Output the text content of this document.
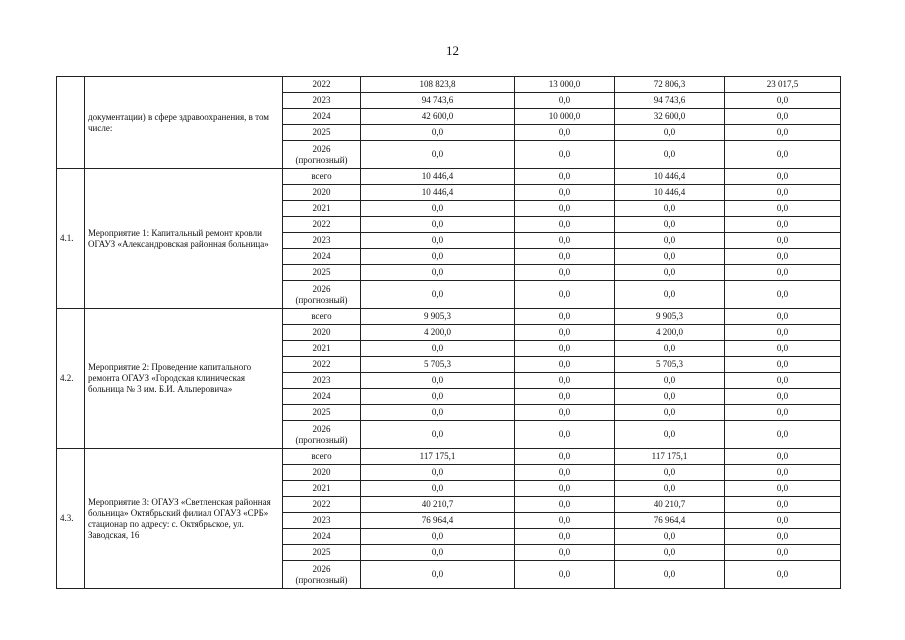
12
	документации) в сфере здравоохранения, в том числе:	2022	108 823,8	13 000,0	72 806,3	23 017,5
		2023	94 743,6	0,0	94 743,6	0,0
		2024	42 600,0	10 000,0	32 600,0	0,0
		2025	0,0	0,0	0,0	0,0
		2026 (прогнозный)	0,0	0,0	0,0	0,0
4.1.	Мероприятие 1: Капитальный ремонт кровли ОГАУЗ «Александровская районная больница»	всего	10 446,4	0,0	10 446,4	0,0
		2020	10 446,4	0,0	10 446,4	0,0
		2021	0,0	0,0	0,0	0,0
		2022	0,0	0,0	0,0	0,0
		2023	0,0	0,0	0,0	0,0
		2024	0,0	0,0	0,0	0,0
		2025	0,0	0,0	0,0	0,0
		2026 (прогнозный)	0,0	0,0	0,0	0,0
4.2.	Мероприятие 2: Проведение капитального ремонта ОГАУЗ «Городская клиническая больница № 3 им. Б.И. Альперовича»	всего	9 905,3	0,0	9 905,3	0,0
		2020	4 200,0	0,0	4 200,0	0,0
		2021	0,0	0,0	0,0	0,0
		2022	5 705,3	0,0	5 705,3	0,0
		2023	0,0	0,0	0,0	0,0
		2024	0,0	0,0	0,0	0,0
		2025	0,0	0,0	0,0	0,0
		2026 (прогнозный)	0,0	0,0	0,0	0,0
4.3.	Мероприятие 3: ОГАУЗ «Светленская районная больница» Октябрьский филиал ОГАУЗ «СРБ» стационар по адресу: с. Октябрьское, ул. Заводская, 16	всего	117 175,1	0,0	117 175,1	0,0
		2020	0,0	0,0	0,0	0,0
		2021	0,0	0,0	0,0	0,0
		2022	40 210,7	0,0	40 210,7	0,0
		2023	76 964,4	0,0	76 964,4	0,0
		2024	0,0	0,0	0,0	0,0
		2025	0,0	0,0	0,0	0,0
		2026 (прогнозный)	0,0	0,0	0,0	0,0
